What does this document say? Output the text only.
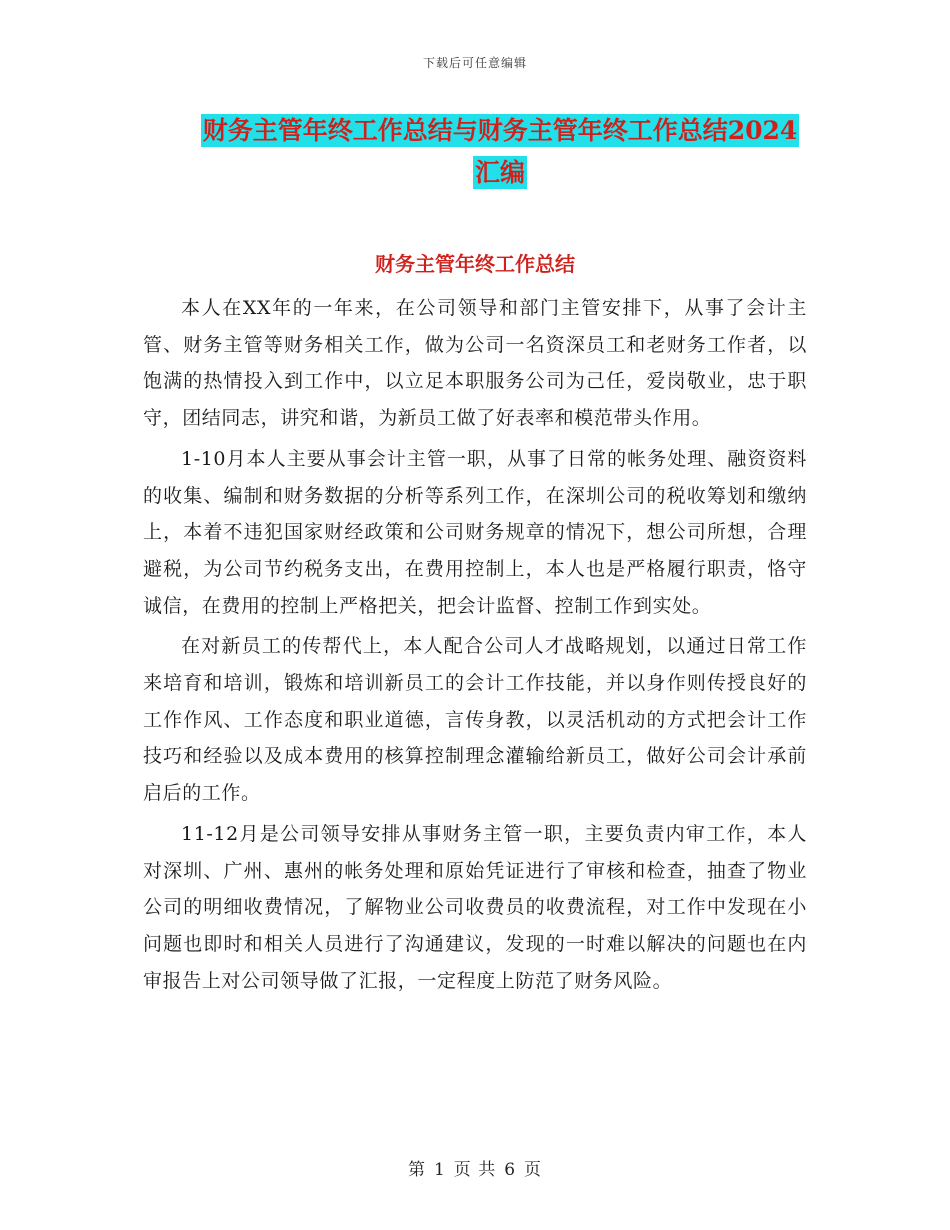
下载后可任意编辑
财务主管年终工作总结与财务主管年终工作总结2024
汇编
财务主管年终工作总结

本人在XX年的一年来，在公司领导和部门主管安排下，从事了会计主管、财务主管等财务相关工作，做为公司一名资深员工和老财务工作者，以饱满的热情投入到工作中，以立足本职服务公司为己任，爱岗敬业，忠于职守，团结同志，讲究和谐，为新员工做了好表率和模范带头作用。

1-10月本人主要从事会计主管一职，从事了日常的帐务处理、融资资料的收集、编制和财务数据的分析等系列工作，在深圳公司的税收筹划和缴纳上，本着不违犯国家财经政策和公司财务规章的情况下，想公司所想，合理避税，为公司节约税务支出，在费用控制上，本人也是严格履行职责，恪守诚信，在费用的控制上严格把关，把会计监督、控制工作到实处。

在对新员工的传帮代上，本人配合公司人才战略规划，以通过日常工作来培育和培训，锻炼和培训新员工的会计工作技能，并以身作则传授良好的工作作风、工作态度和职业道德，言传身教，以灵活机动的方式把会计工作技巧和经验以及成本费用的核算控制理念灌输给新员工，做好公司会计承前启后的工作。

11-12月是公司领导安排从事财务主管一职，主要负责内审工作，本人对深圳、广州、惠州的帐务处理和原始凭证进行了审核和检查，抽查了物业公司的明细收费情况，了解物业公司收费员的收费流程，对工作中发现在小问题也即时和相关人员进行了沟通建议，发现的一时难以解决的问题也在内审报告上对公司领导做了汇报，一定程度上防范了财务风险。

第 1 页 共 6 页
